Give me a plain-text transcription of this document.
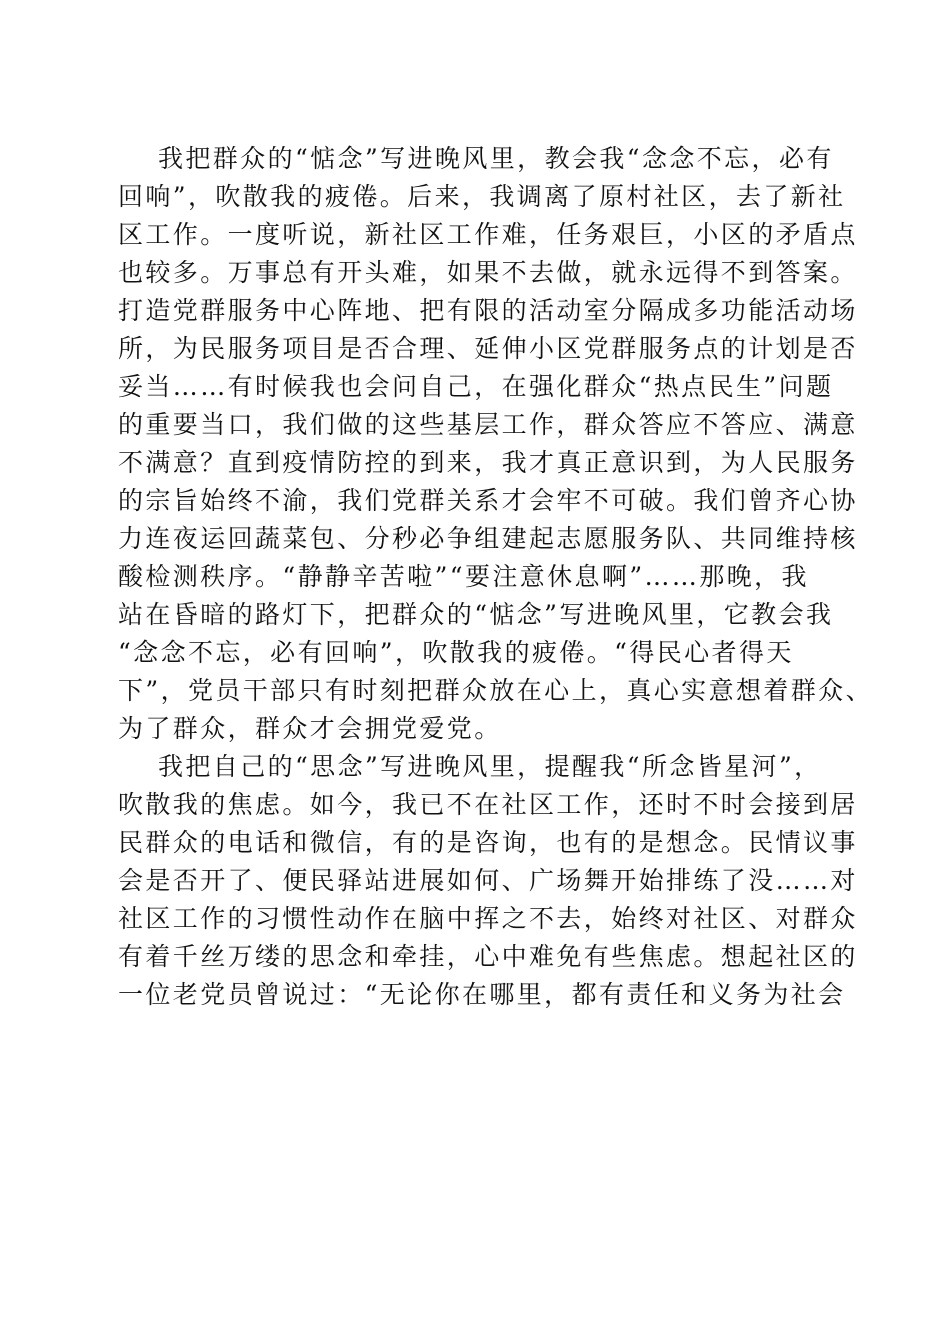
我把群众的“惦念”写进晚风里，教会我“念念不忘，必有
回响”，吹散我的疲倦。后来，我调离了原村社区，去了新社
区工作。一度听说，新社区工作难，任务艰巨，小区的矛盾点
也较多。万事总有开头难，如果不去做，就永远得不到答案。
打造党群服务中心阵地、把有限的活动室分隔成多功能活动场
所，为民服务项目是否合理、延伸小区党群服务点的计划是否
妥当……有时候我也会问自己，在强化群众“热点民生”问题
的重要当口，我们做的这些基层工作，群众答应不答应、满意
不满意？直到疫情防控的到来，我才真正意识到，为人民服务
的宗旨始终不渝，我们党群关系才会牢不可破。我们曾齐心协
力连夜运回蔬菜包、分秒必争组建起志愿服务队、共同维持核
酸检测秩序。“静静辛苦啦”“要注意休息啊”……那晚，我
站在昏暗的路灯下，把群众的“惦念”写进晚风里，它教会我
“念念不忘，必有回响”，吹散我的疲倦。“得民心者得天
下”，党员干部只有时刻把群众放在心上，真心实意想着群众、
为了群众，群众才会拥党爱党。
我把自己的“思念”写进晚风里，提醒我“所念皆星河”，
吹散我的焦虑。如今，我已不在社区工作，还时不时会接到居
民群众的电话和微信，有的是咨询，也有的是想念。民情议事
会是否开了、便民驿站进展如何、广场舞开始排练了没……对
社区工作的习惯性动作在脑中挥之不去，始终对社区、对群众
有着千丝万缕的思念和牵挂，心中难免有些焦虑。想起社区的
一位老党员曾说过：“无论你在哪里，都有责任和义务为社会
